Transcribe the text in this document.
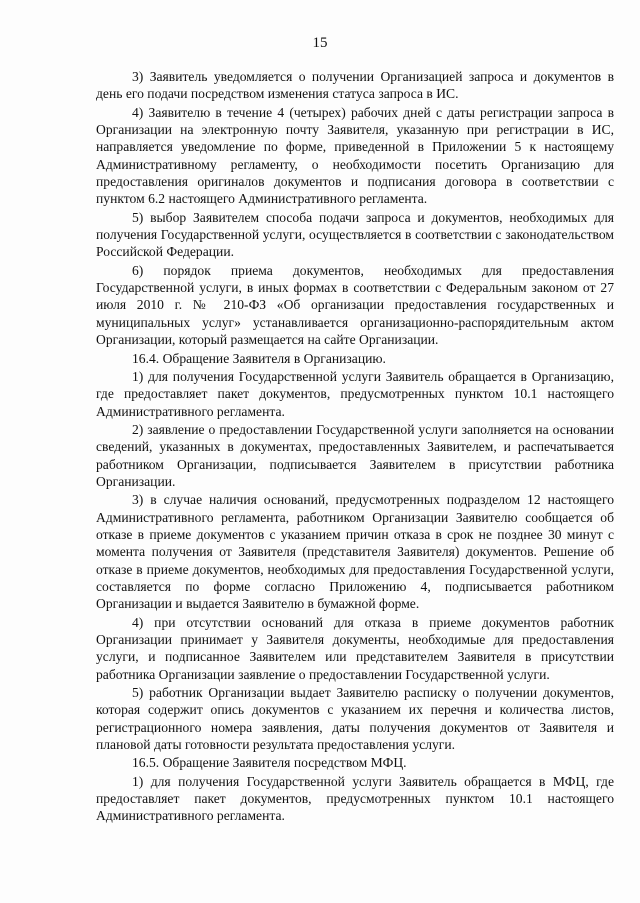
15

3) Заявитель уведомляется о получении Организацией запроса и документов в день его подачи посредством изменения статуса запроса в ИС.

4) Заявителю в течение 4 (четырех) рабочих дней с даты регистрации запроса в Организации на электронную почту Заявителя, указанную при регистрации в ИС, направляется уведомление по форме, приведенной в Приложении 5 к настоящему Административному регламенту, о необходимости посетить Организацию для предоставления оригиналов документов и подписания договора в соответствии с пунктом 6.2 настоящего Административного регламента.

5) выбор Заявителем способа подачи запроса и документов, необходимых для получения Государственной услуги, осуществляется в соответствии с законодательством Российской Федерации.

6) порядок приема документов, необходимых для предоставления Государственной услуги, в иных формах в соответствии с Федеральным законом от 27 июля 2010 г. № 210-ФЗ «Об организации предоставления государственных и муниципальных услуг» устанавливается организационно-распорядительным актом Организации, который размещается на сайте Организации.

16.4. Обращение Заявителя в Организацию.

1) для получения Государственной услуги Заявитель обращается в Организацию, где предоставляет пакет документов, предусмотренных пунктом 10.1 настоящего Административного регламента.

2) заявление о предоставлении Государственной услуги заполняется на основании сведений, указанных в документах, предоставленных Заявителем, и распечатывается работником Организации, подписывается Заявителем в присутствии работника Организации.

3) в случае наличия оснований, предусмотренных подразделом 12 настоящего Административного регламента, работником Организации Заявителю сообщается об отказе в приеме документов с указанием причин отказа в срок не позднее 30 минут с момента получения от Заявителя (представителя Заявителя) документов. Решение об отказе в приеме документов, необходимых для предоставления Государственной услуги, составляется по форме согласно Приложению 4, подписывается работником Организации и выдается Заявителю в бумажной форме.

4) при отсутствии оснований для отказа в приеме документов работник Организации принимает у Заявителя документы, необходимые для предоставления услуги, и подписанное Заявителем или представителем Заявителя в присутствии работника Организации заявление о предоставлении Государственной услуги.

5) работник Организации выдает Заявителю расписку о получении документов, которая содержит опись документов с указанием их перечня и количества листов, регистрационного номера заявления, даты получения документов от Заявителя и плановой даты готовности результата предоставления услуги.

16.5. Обращение Заявителя посредством МФЦ.

1) для получения Государственной услуги Заявитель обращается в МФЦ, где предоставляет пакет документов, предусмотренных пунктом 10.1 настоящего Административного регламента.
